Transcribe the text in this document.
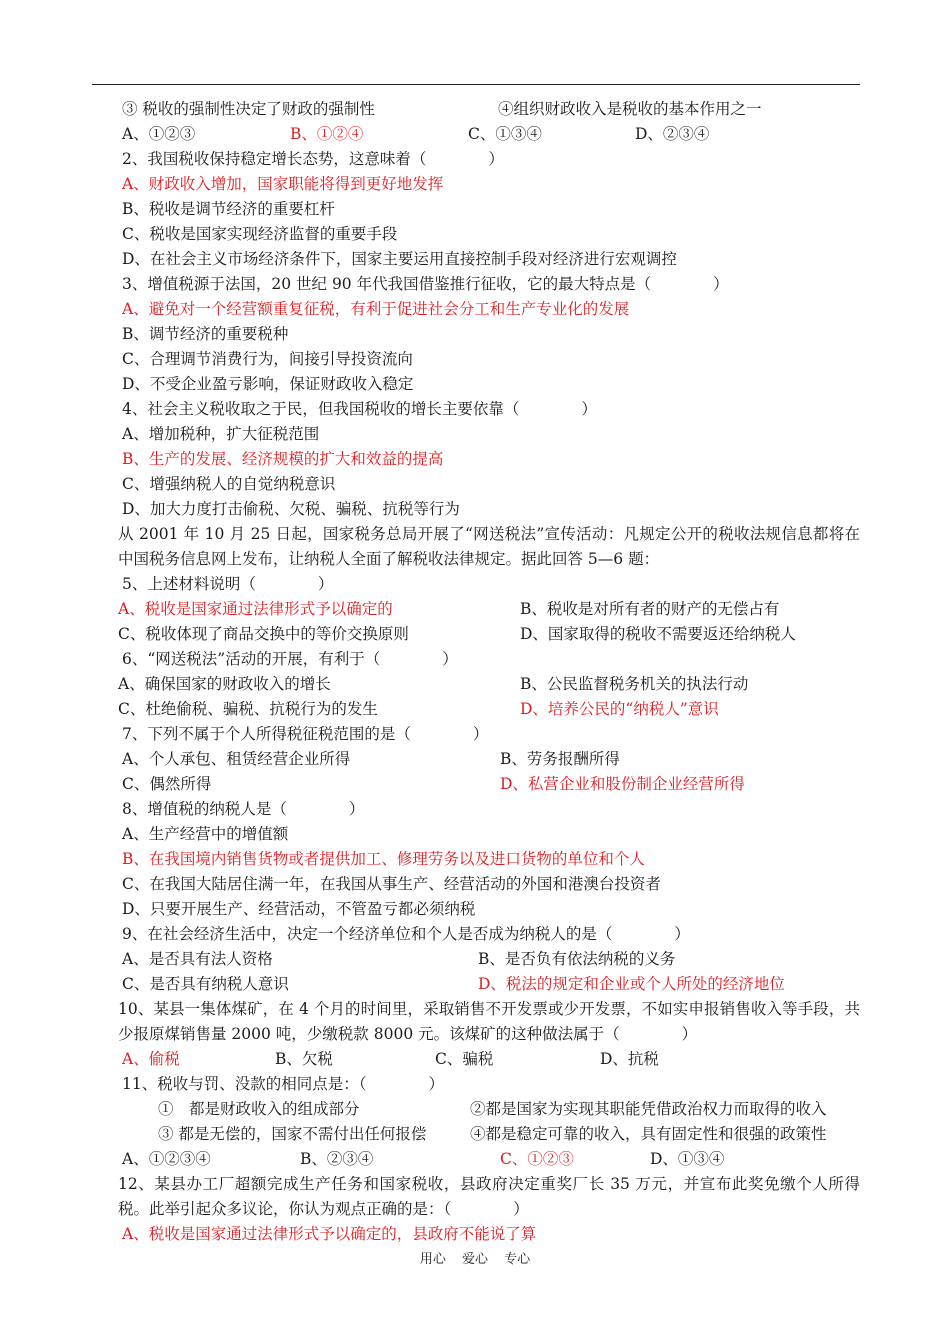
③ 税收的强制性决定了财政的强制性	④组织财政收入是税收的基本作用之一
A、①②③	B、①②④	C、①③④	D、②③④
2、我国税收保持稳定增长态势，这意味着（　　　　）
A、财政收入增加，国家职能将得到更好地发挥
B、税收是调节经济的重要杠杆
C、税收是国家实现经济监督的重要手段
D、在社会主义市场经济条件下，国家主要运用直接控制手段对经济进行宏观调控
3、增值税源于法国，20 世纪 90 年代我国借鉴推行征收，它的最大特点是（　　　　）
A、避免对一个经营额重复征税，有利于促进社会分工和生产专业化的发展
B、调节经济的重要税种
C、合理调节消费行为，间接引导投资流向
D、不受企业盈亏影响，保证财政收入稳定
4、社会主义税收取之于民，但我国税收的增长主要依靠（　　　　）
A、增加税种，扩大征税范围
B、生产的发展、经济规模的扩大和效益的提高
C、增强纳税人的自觉纳税意识
D、加大力度打击偷税、欠税、骗税、抗税等行为
从 2001 年 10 月 25 日起，国家税务总局开展了“网送税法”宣传活动：凡规定公开的税收法规信息都将在中国税务信息网上发布，让纳税人全面了解税收法律规定。据此回答 5—6 题：
5、上述材料说明（　　　　）
A、税收是国家通过法律形式予以确定的	B、税收是对所有者的财产的无偿占有
C、税收体现了商品交换中的等价交换原则	D、国家取得的税收不需要返还给纳税人
6、“网送税法”活动的开展，有利于（　　　　）
A、确保国家的财政收入的增长	B、公民监督税务机关的执法行动
C、杜绝偷税、骗税、抗税行为的发生	D、培养公民的“纳税人”意识
7、下列不属于个人所得税征税范围的是（　　　　）
A、个人承包、租赁经营企业所得	B、劳务报酬所得
C、偶然所得	D、私营企业和股份制企业经营所得
8、增值税的纳税人是（　　　　）
A、生产经营中的增值额
B、在我国境内销售货物或者提供加工、修理劳务以及进口货物的单位和个人
C、在我国大陆居住满一年，在我国从事生产、经营活动的外国和港澳台投资者
D、只要开展生产、经营活动，不管盈亏都必须纳税
9、在社会经济生活中，决定一个经济单位和个人是否成为纳税人的是（　　　　）
A、是否具有法人资格	B、是否负有依法纳税的义务
C、是否具有纳税人意识	D、税法的规定和企业或个人所处的经济地位
10、某县一集体煤矿，在 4 个月的时间里，采取销售不开发票或少开发票，不如实申报销售收入等手段，共少报原煤销售量 2000 吨，少缴税款 8000 元。该煤矿的这种做法属于（　　　　）
A、偷税	B、欠税	C、骗税	D、抗税
11、税收与罚、没款的相同点是：（　　　　）
①　都是财政收入的组成部分	②都是国家为实现其职能凭借政治权力而取得的收入
③ 都是无偿的，国家不需付出任何报偿	④都是稳定可靠的收入，具有固定性和很强的政策性
A、①②③④	B、②③④	C、①②③	D、①③④
12、某县办工厂超额完成生产任务和国家税收，县政府决定重奖厂长 35 万元，并宣布此奖免缴个人所得税。此举引起众多议论，你认为观点正确的是：（　　　　）
A、税收是国家通过法律形式予以确定的，县政府不能说了算
用心 爱心 专心
